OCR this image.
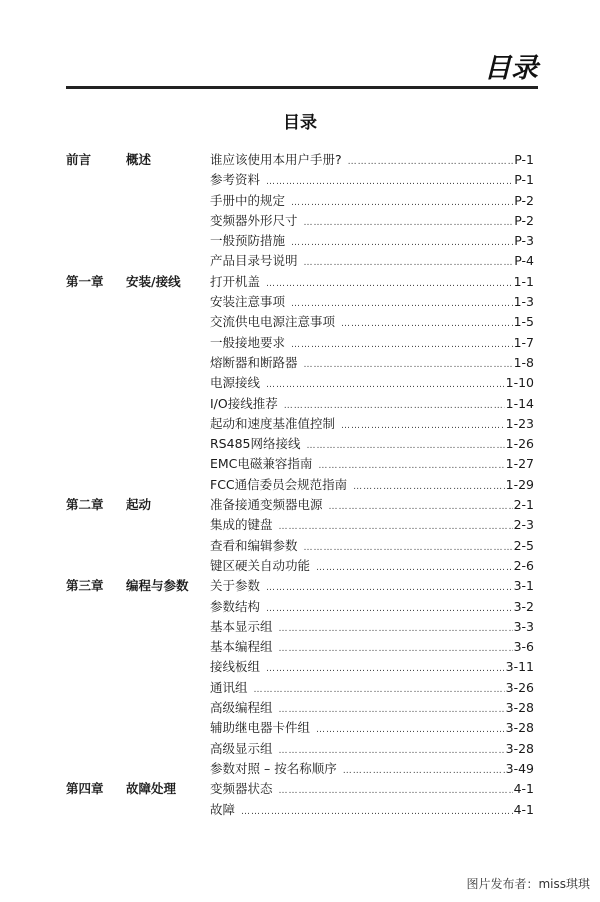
目录
目录
前言	概述	谁应该使用本用户手册? …………………………………………………………………………………………………………………………………………………………	P-1
参考资料 …………………………………………………………………………………………………………………………………………………………	P-1
手册中的规定 …………………………………………………………………………………………………………………………………………………………	P-2
变频器外形尺寸 …………………………………………………………………………………………………………………………………………………………	P-2
一般预防措施 …………………………………………………………………………………………………………………………………………………………	P-3
产品目录号说明 …………………………………………………………………………………………………………………………………………………………	P-4
第一章	安装/接线	打开机盖 …………………………………………………………………………………………………………………………………………………………	1-1
安装注意事项 …………………………………………………………………………………………………………………………………………………………	1-3
交流供电电源注意事项 …………………………………………………………………………………………………………………………………………………………	1-5
一般接地要求 …………………………………………………………………………………………………………………………………………………………	1-7
熔断器和断路器 …………………………………………………………………………………………………………………………………………………………	1-8
电源接线 …………………………………………………………………………………………………………………………………………………………	1-10
I/O接线推荐 …………………………………………………………………………………………………………………………………………………………	1-14
起动和速度基准值控制 …………………………………………………………………………………………………………………………………………………………	1-23
RS485网络接线 …………………………………………………………………………………………………………………………………………………………	1-26
EMC电磁兼容指南 …………………………………………………………………………………………………………………………………………………………	1-27
FCC通信委员会规范指南 …………………………………………………………………………………………………………………………………………………………	1-29
第二章	起动	准备接通变频器电源 …………………………………………………………………………………………………………………………………………………………	2-1
集成的键盘 …………………………………………………………………………………………………………………………………………………………	2-3
查看和编辑参数 …………………………………………………………………………………………………………………………………………………………	2-5
键区硬关自动功能 …………………………………………………………………………………………………………………………………………………………	2-6
第三章	编程与参数	关于参数 …………………………………………………………………………………………………………………………………………………………	3-1
参数结构 …………………………………………………………………………………………………………………………………………………………	3-2
基本显示组 …………………………………………………………………………………………………………………………………………………………	3-3
基本编程组 …………………………………………………………………………………………………………………………………………………………	3-6
接线板组 …………………………………………………………………………………………………………………………………………………………	3-11
通讯组 …………………………………………………………………………………………………………………………………………………………	3-26
高级编程组 …………………………………………………………………………………………………………………………………………………………	3-28
辅助继电器卡件组 …………………………………………………………………………………………………………………………………………………………	3-28
高级显示组 …………………………………………………………………………………………………………………………………………………………	3-28
参数对照 – 按名称顺序 …………………………………………………………………………………………………………………………………………………………	3-49
第四章	故障处理	变频器状态 …………………………………………………………………………………………………………………………………………………………	4-1
故障 …………………………………………………………………………………………………………………………………………………………	4-1
图片发布者：miss琪琪
